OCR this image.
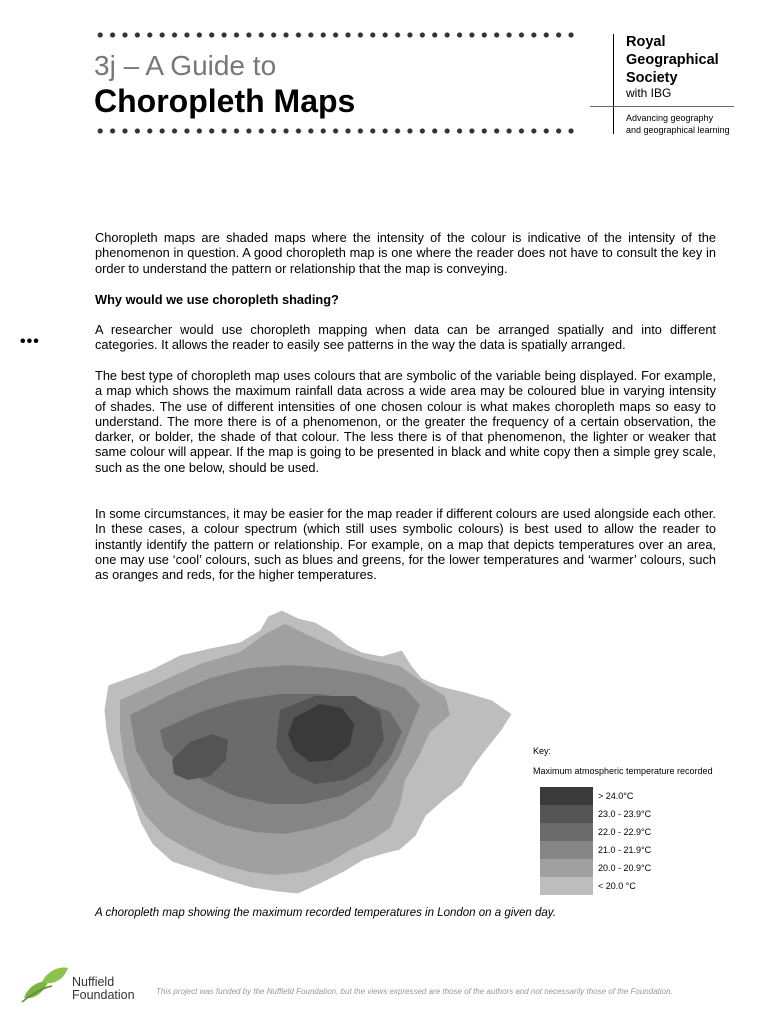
3j – A Guide to
Choropleth Maps
Royal
Geographical
Society
with IBG
Advancing geography
and geographical learning
•••

Choropleth maps are shaded maps where the intensity of the colour is indicative of the intensity of the phenomenon in question. A good choropleth map is one where the reader does not have to consult the key in order to understand the pattern or relationship that the map is conveying.

Why would we use choropleth shading?

A researcher would use choropleth mapping when data can be arranged spatially and into different categories. It allows the reader to easily see patterns in the way the data is spatially arranged.

The best type of choropleth map uses colours that are symbolic of the variable being displayed. For example, a map which shows the maximum rainfall data across a wide area may be coloured blue in varying intensity of shades. The use of different intensities of one chosen colour is what makes choropleth maps so easy to understand. The more there is of a phenomenon, or the greater the frequency of a certain observation, the darker, or bolder, the shade of that colour. The less there is of that phenomenon, the lighter or weaker that same colour will appear. If the map is going to be presented in black and white copy then a simple grey scale, such as the one below, should be used.

In some circumstances, it may be easier for the map reader if different colours are used alongside each other. In these cases, a colour spectrum (which still uses symbolic colours) is best used to allow the reader to instantly identify the pattern or relationship. For example, on a map that depicts temperatures over an area, one may use ‘cool’ colours, such as blues and greens, for the lower temperatures and ‘warmer’ colours, such as oranges and reds, for the higher temperatures.

Key:
Maximum atmospheric temperature recorded
> 24.0°C
23.0 - 23.9°C
22.0 - 22.9°C
21.0 - 21.9°C
20.0 - 20.9°C
< 20.0 °C
A choropleth map showing the maximum recorded temperatures in London on a given day.
Nuffield
Foundation	This project was funded by the Nuffield Foundation, but the views expressed are those of the authors and not necessarily those of the Foundation.
